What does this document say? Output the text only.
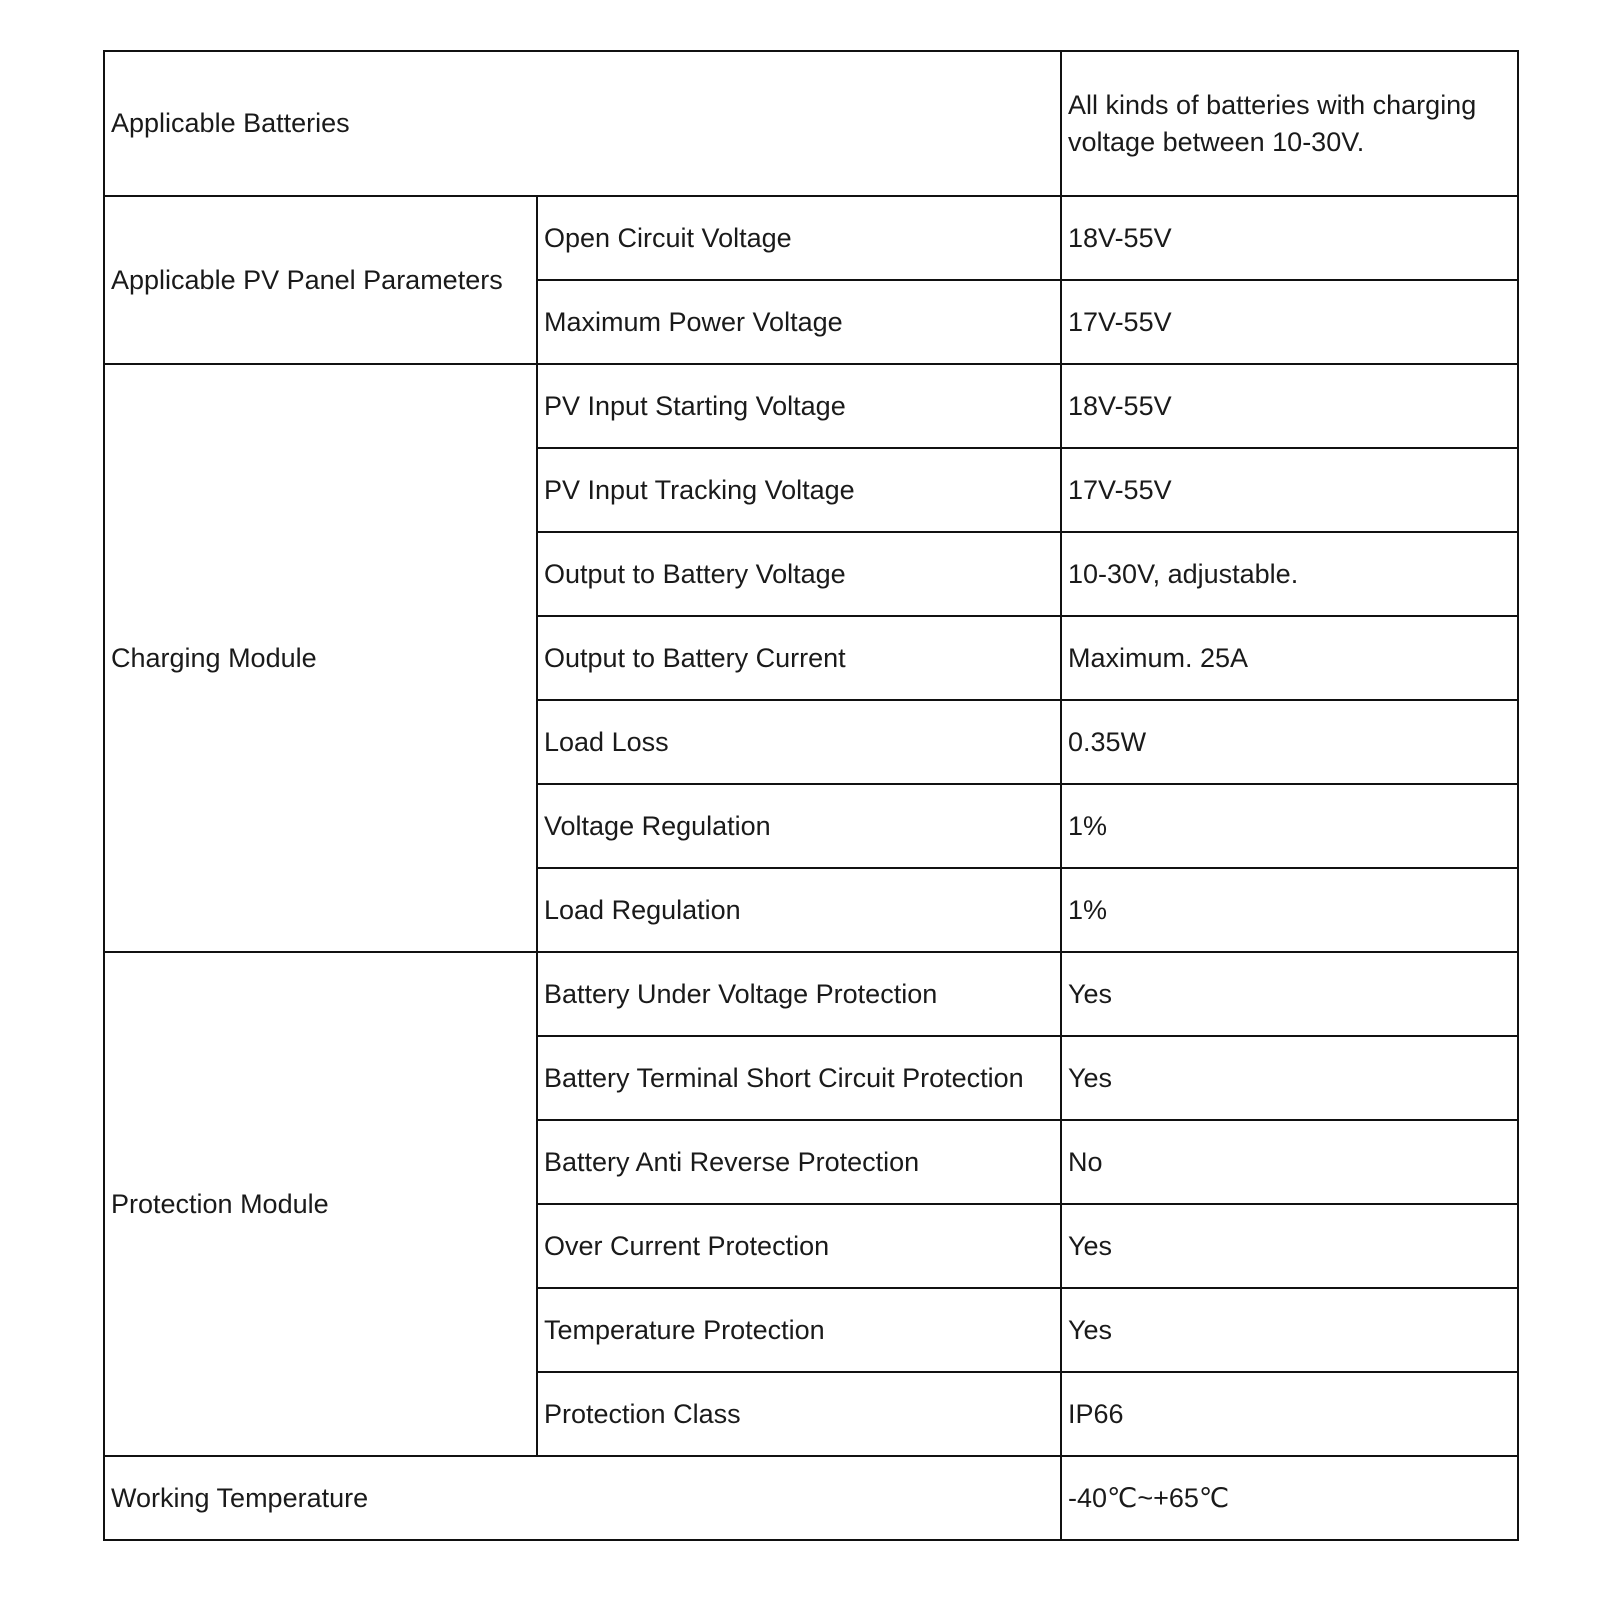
Applicable Batteries		All kinds of batteries with charging voltage between 10-30V.
Applicable PV Panel Parameters	Open Circuit Voltage	18V-55V
	Maximum Power Voltage	17V-55V
Charging Module	PV Input Starting Voltage	18V-55V
	PV Input Tracking Voltage	17V-55V
	Output to Battery Voltage	10-30V, adjustable.
	Output to Battery Current	Maximum. 25A
	Load Loss	0.35W
	Voltage Regulation	1%
	Load Regulation	1%
Protection Module	Battery Under Voltage Protection	Yes
	Battery Terminal Short Circuit Protection	Yes
	Battery Anti Reverse Protection	No
	Over Current Protection	Yes
	Temperature Protection	Yes
	Protection Class	IP66
Working Temperature		-40℃~+65℃
